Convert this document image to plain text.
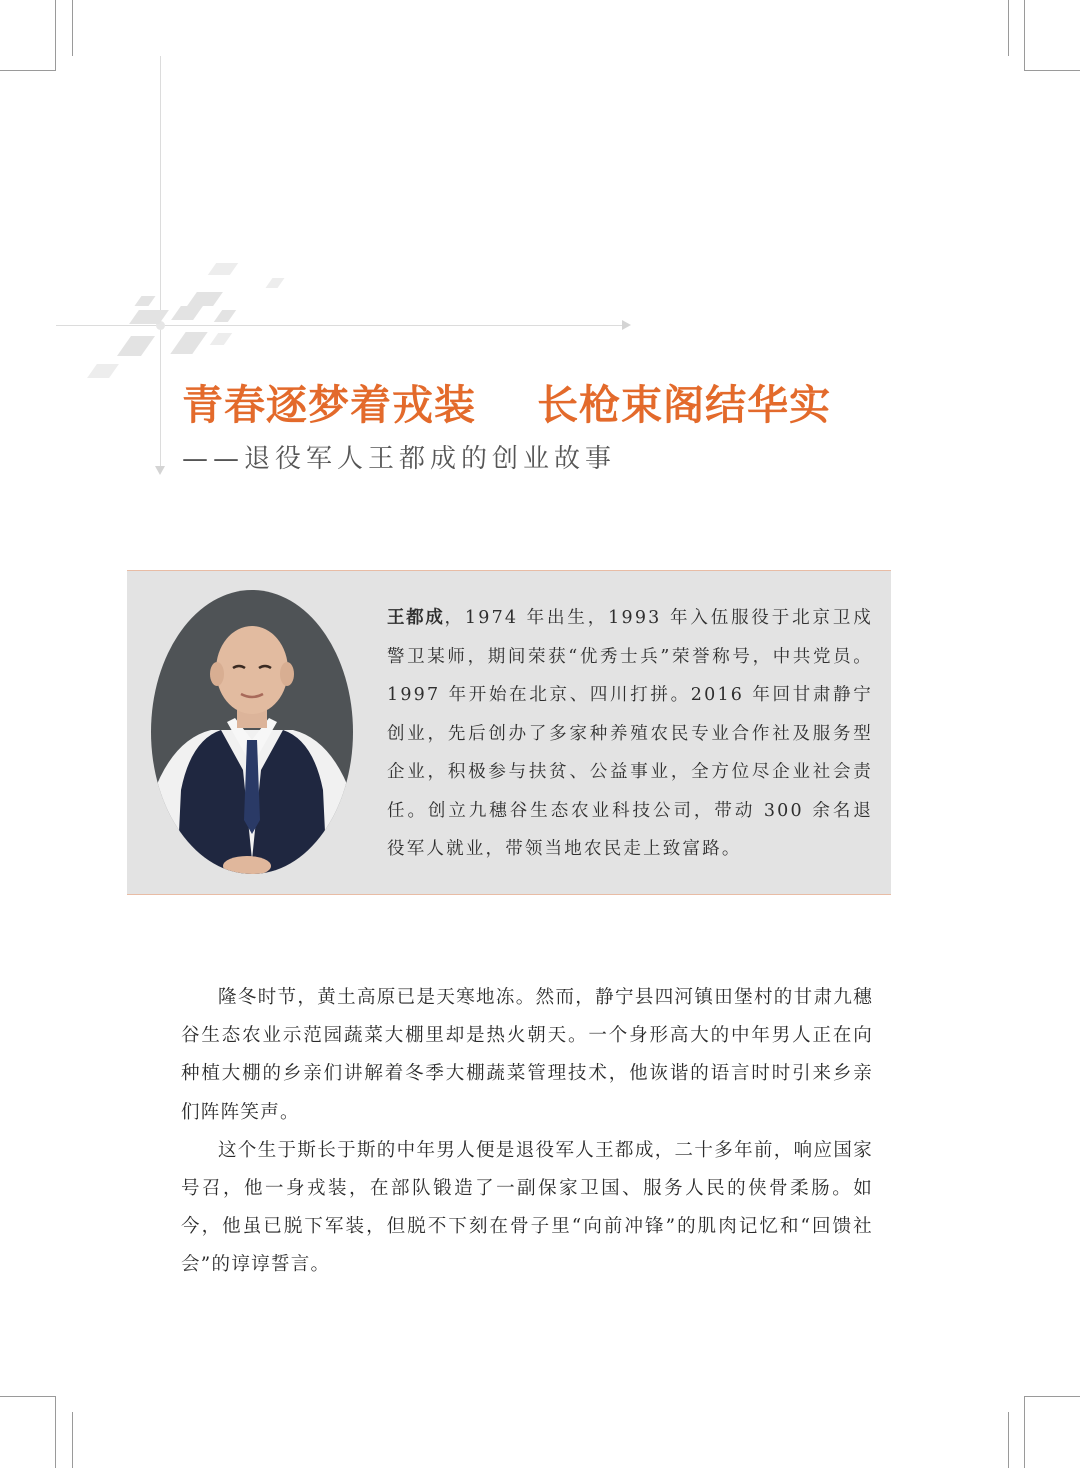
青春逐梦着戎装    长枪束阁结华实
——退役军人王都成的创业故事
王都成，1974 年出生，1993 年入伍服役于北京卫戍警卫某师，期间荣获“优秀士兵”荣誉称号，中共党员。1997 年开始在北京、四川打拼。2016 年回甘肃静宁创业，先后创办了多家种养殖农民专业合作社及服务型企业，积极参与扶贫、公益事业，全方位尽企业社会责任。创立九穗谷生态农业科技公司，带动 300 余名退役军人就业，带领当地农民走上致富路。

隆冬时节，黄土高原已是天寒地冻。然而，静宁县四河镇田堡村的甘肃九穗谷生态农业示范园蔬菜大棚里却是热火朝天。一个身形高大的中年男人正在向种植大棚的乡亲们讲解着冬季大棚蔬菜管理技术，他诙谐的语言时时引来乡亲们阵阵笑声。

这个生于斯长于斯的中年男人便是退役军人王都成，二十多年前，响应国家号召，他一身戎装，在部队锻造了一副保家卫国、服务人民的侠骨柔肠。如今，他虽已脱下军装，但脱不下刻在骨子里“向前冲锋”的肌肉记忆和“回馈社会”的谆谆誓言。
